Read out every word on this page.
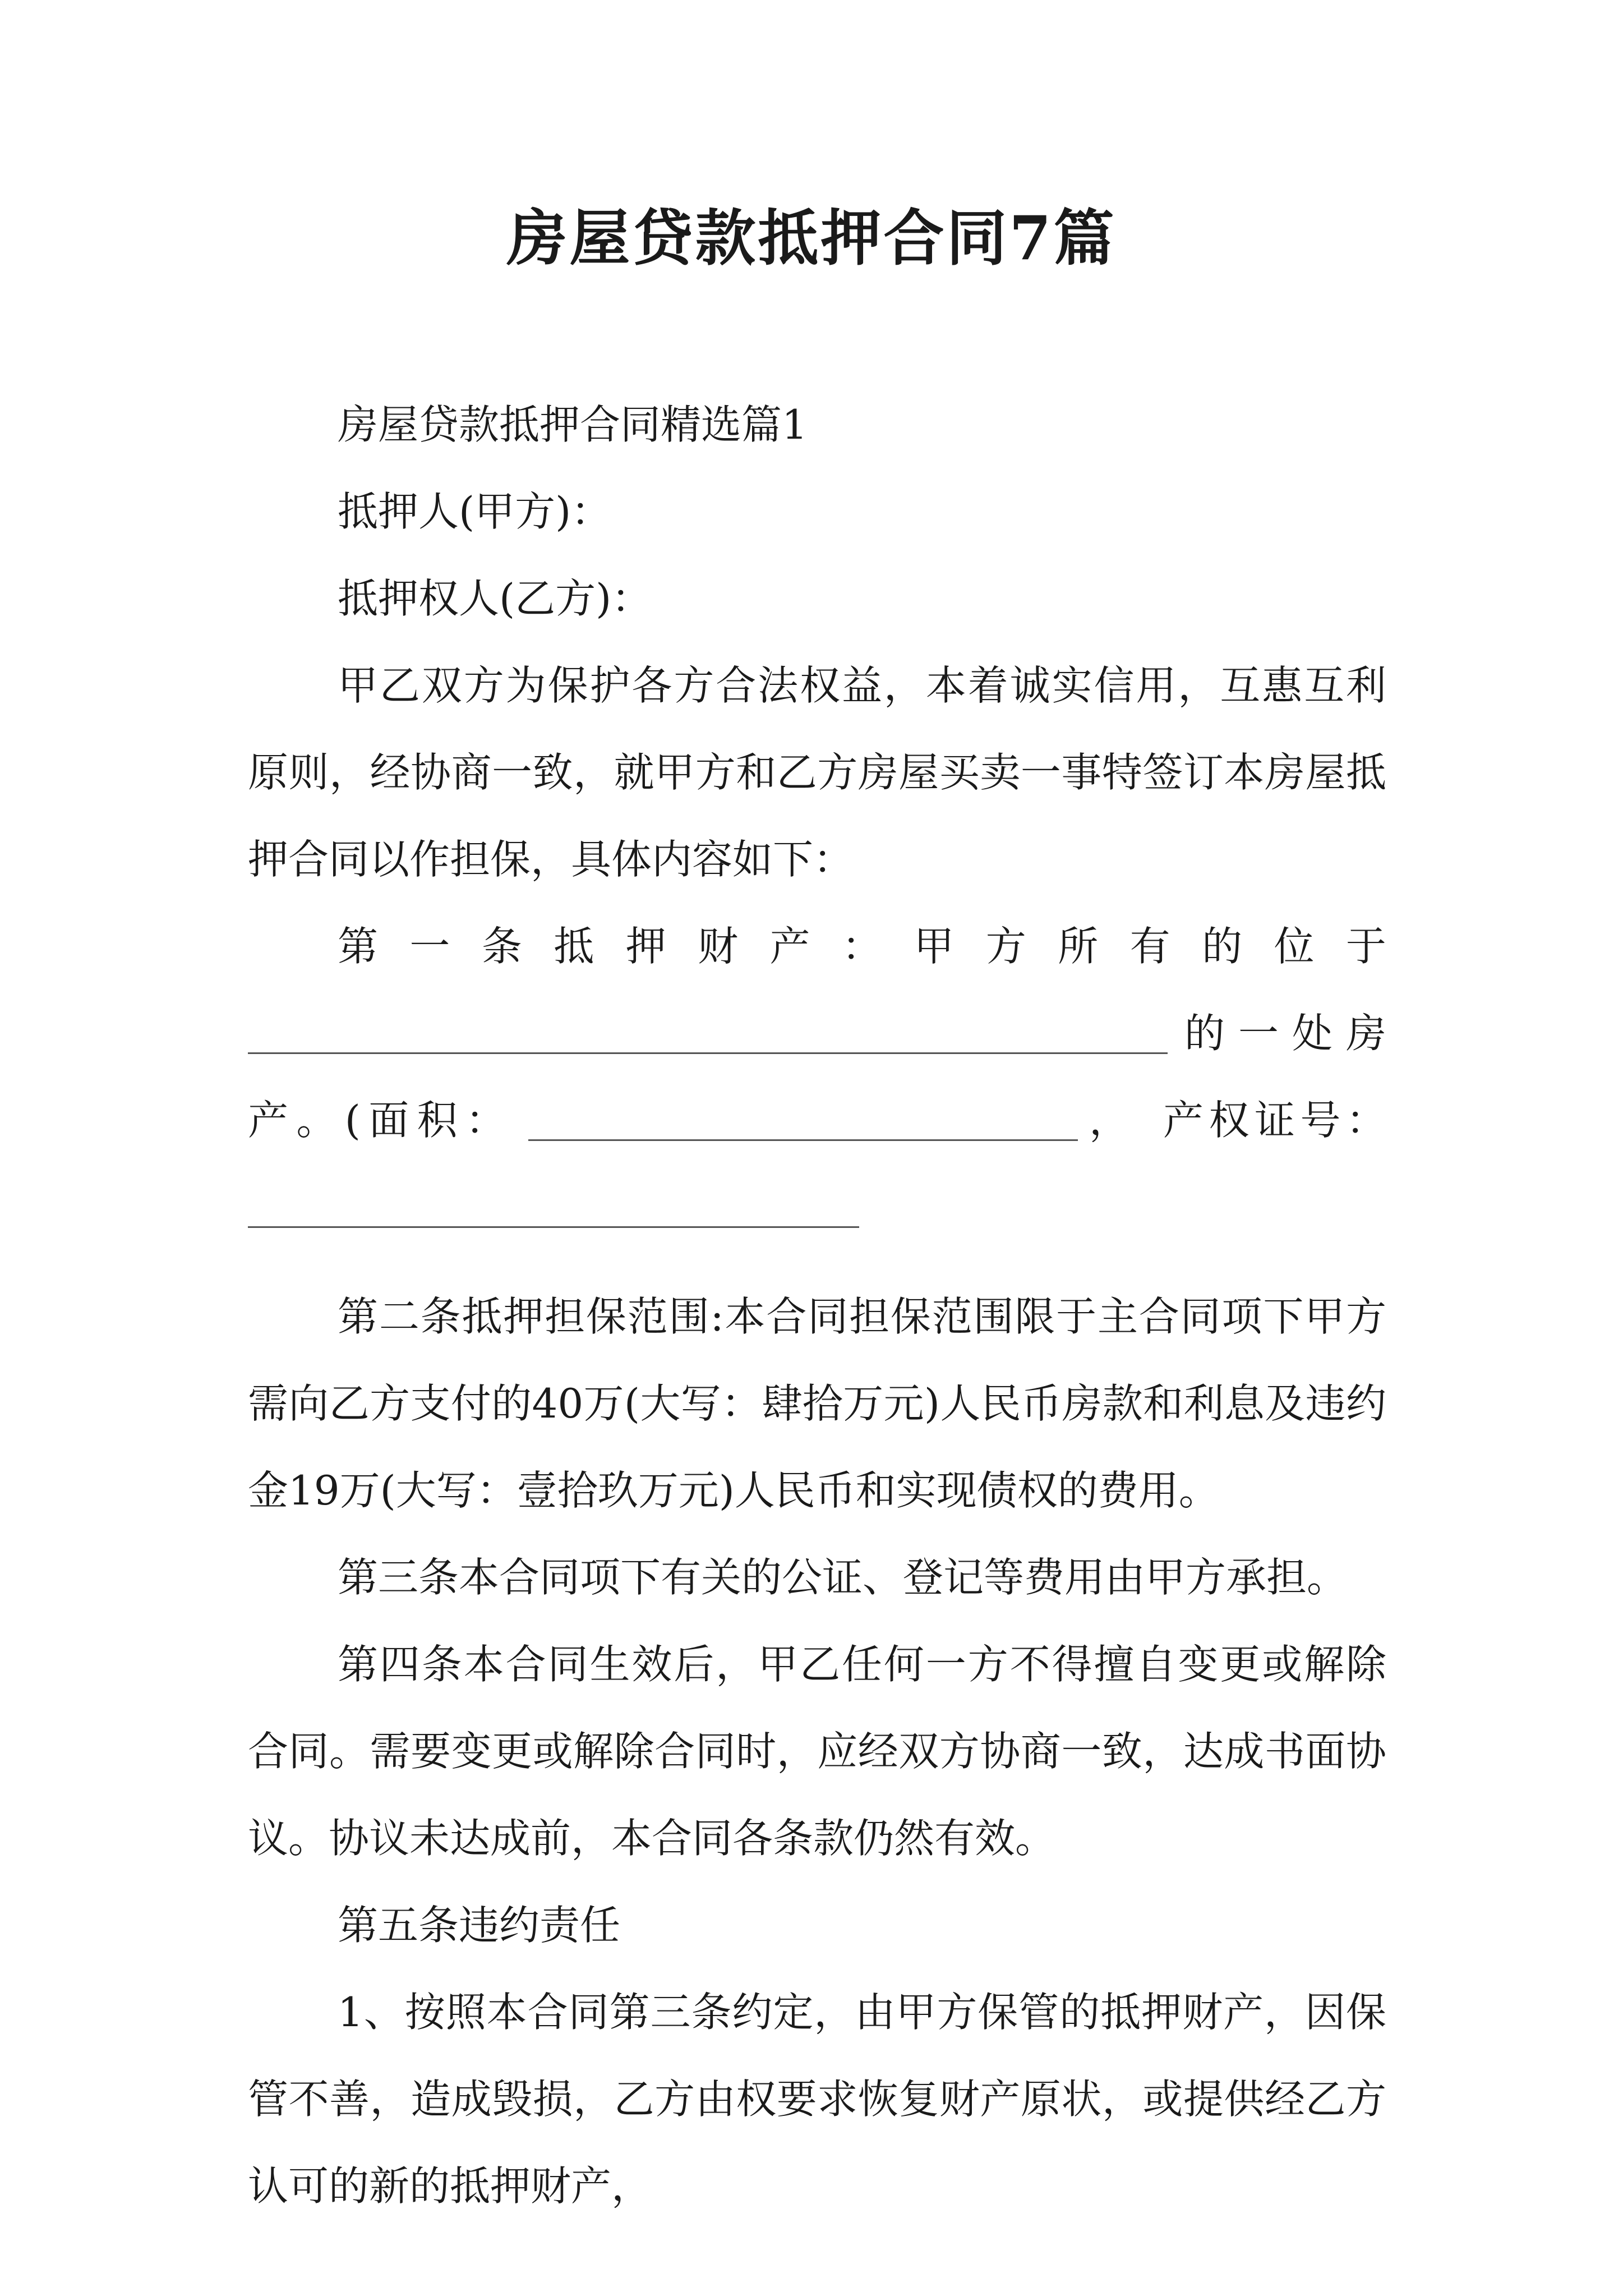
房屋贷款抵押合同7篇

房屋贷款抵押合同精选篇1

抵押人(甲方)：

抵押权人(乙方)：

甲乙双方为保护各方合法权益，本着诚实信用，互惠互利原则，经协商一致，就甲方和乙方房屋买卖一事特签订本房屋抵押合同以作担保，具体内容如下：

第 一 条 抵 押 财 产 ： 甲 方 所 有 的 位 于
的 一 处 房
产 。 ( 面 积 ：	， 产 权 证 号 ：

第二条抵押担保范围:本合同担保范围限于主合同项下甲方需向乙方支付的40万(大写：肆拾万元)人民币房款和利息及违约金19万(大写：壹拾玖万元)人民币和实现债权的费用。

第三条本合同项下有关的公证、登记等费用由甲方承担。

第四条本合同生效后，甲乙任何一方不得擅自变更或解除合同。需要变更或解除合同时，应经双方协商一致，达成书面协议。协议未达成前，本合同各条款仍然有效。

第五条违约责任

1、按照本合同第三条约定，由甲方保管的抵押财产，因保管不善，造成毁损，乙方由权要求恢复财产原状，或提供经乙方认可的新的抵押财产，
